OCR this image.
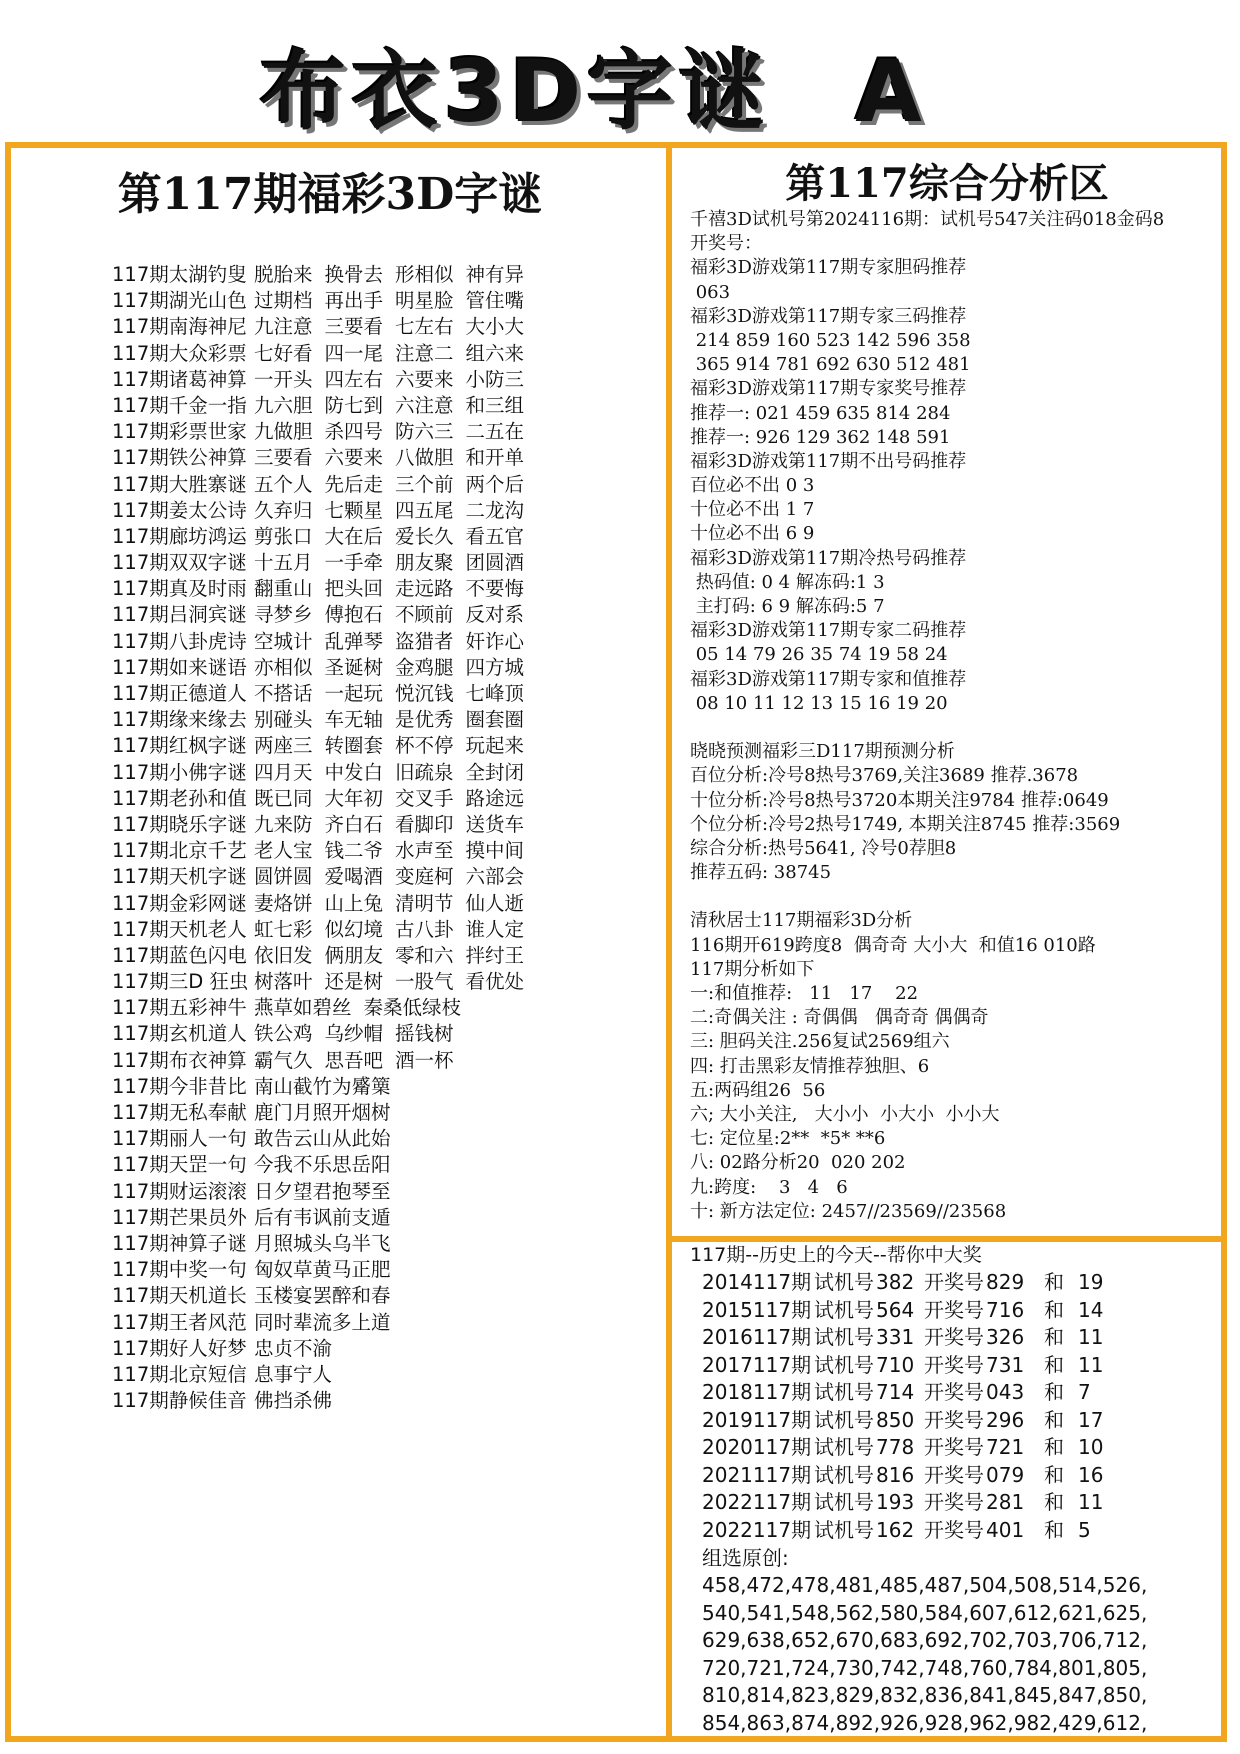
布衣3D字谜 A
第117期福彩3D字谜
117期太湖钓叟 脱胎来 换骨去 形相似 神有异
117期湖光山色 过期档 再出手 明星脸 管住嘴
117期南海神尼 九注意 三要看 七左右 大小大
117期大众彩票 七好看 四一尾 注意二 组六来
117期诸葛神算 一开头 四左右 六要来 小防三
117期千金一指 九六胆 防七到 六注意 和三组
117期彩票世家 九做胆 杀四号 防六三 二五在
117期铁公神算 三要看 六要来 八做胆 和开单
117期大胜寨谜 五个人 先后走 三个前 两个后
117期姜太公诗 久弃归 七颗星 四五尾 二龙沟
117期廊坊鸿运 剪张口 大在后 爱长久 看五官
117期双双字谜 十五月 一手牵 朋友聚 团圆酒
117期真及时雨 翻重山 把头回 走远路 不要悔
117期吕洞宾谜 寻梦乡 傅抱石 不顾前 反对系
117期八卦虎诗 空城计 乱弹琴 盗猎者 奸诈心
117期如来谜语 亦相似 圣诞树 金鸡腿 四方城
117期正德道人 不搭话 一起玩 悦沉钱 七峰顶
117期缘来缘去 别碰头 车无轴 是优秀 圈套圈
117期红枫字谜 两座三 转圈套 杯不停 玩起来
117期小佛字谜 四月天 中发白 旧疏泉 全封闭
117期老孙和值 既已同 大年初 交叉手 路途远
117期晓乐字谜 九来防 齐白石 看脚印 送货车
117期北京千艺 老人宝 钱二爷 水声至 摸中间
117期天机字谜 圆饼圆 爱喝酒 变庭柯 六部会
117期金彩网谜 妻烙饼 山上兔 清明节 仙人逝
117期天机老人 虹七彩 似幻境 古八卦 谁人定
117期蓝色闪电 依旧发 俩朋友 零和六 拌纣王
117期三D 狂虫 树落叶 还是树 一股气 看优处
117期五彩神牛 燕草如碧丝 秦桑低绿枝
117期玄机道人 铁公鸡 乌纱帽 摇钱树
117期布衣神算 霸气久 思吾吧 酒一杯
117期今非昔比 南山截竹为觱篥
117期无私奉献 鹿门月照开烟树
117期丽人一句 敢告云山从此始
117期天罡一句 今我不乐思岳阳
117期财运滚滚 日夕望君抱琴至
117期芒果员外 后有韦讽前支遁
117期神算子谜 月照城头乌半飞
117期中奖一句 匈奴草黄马正肥
117期天机道长 玉楼宴罢醉和春
117期王者风范 同时辈流多上道
117期好人好梦 忠贞不渝
117期北京短信 息事宁人
117期静候佳音 佛挡杀佛
第117综合分析区
千禧3D试机号第2024116期：试机号547关注码018金码8
开奖号：
福彩3D游戏第117期专家胆码推荐
063
福彩3D游戏第117期专家三码推荐
214 859 160 523 142 596 358
365 914 781 692 630 512 481
福彩3D游戏第117期专家奖号推荐
推荐一: 021 459 635 814 284
推荐一: 926 129 362 148 591
福彩3D游戏第117期不出号码推荐
百位必不出 0 3
十位必不出 1 7
十位必不出 6 9
福彩3D游戏第117期冷热号码推荐
热码值: 0 4 解冻码:1 3
主打码: 6 9 解冻码:5 7
福彩3D游戏第117期专家二码推荐
05 14 79 26 35 74 19 58 24
福彩3D游戏第117期专家和值推荐
08 10 11 12 13 15 16 19 20
晓晓预测福彩三D117期预测分析
百位分析:冷号8热号3769,关注3689 推荐.3678
十位分析:冷号8热号3720本期关注9784 推荐:0649
个位分析:冷号2热号1749, 本期关注8745 推荐:3569
综合分析:热号5641, 冷号0荐胆8
推荐五码: 38745
清秋居士117期福彩3D分析
116期开619跨度8  偶奇奇 大小大  和值16 010路
117期分析如下
一:和值推荐:   11   17    22
二:奇偶关注 : 奇偶偶   偶奇奇 偶偶奇
三: 胆码关注.256复试2569组六
四: 打击黑彩友情推荐独胆、6
五:两码组26  56
六; 大小关注,   大小小  小大小  小小大
七: 定位星:2**  *5* **6
八: 02路分析20  020 202
九:跨度:    3   4   6
十: 新方法定位: 2457//23569//23568
117期--历史上的今天--帮你中大奖
2014117期 试机号 382 开奖号 829 和 19
2015117期 试机号 564 开奖号 716 和 14
2016117期 试机号 331 开奖号 326 和 11
2017117期 试机号 710 开奖号 731 和 11
2018117期 试机号 714 开奖号 043 和 7
2019117期 试机号 850 开奖号 296 和 17
2020117期 试机号 778 开奖号 721 和 10
2021117期 试机号 816 开奖号 079 和 16
2022117期 试机号 193 开奖号 281 和 11
2022117期 试机号 162 开奖号 401 和 5
组选原创:
458,472,478,481,485,487,504,508,514,526,
540,541,548,562,580,584,607,612,621,625,
629,638,652,670,683,692,702,703,706,712,
720,721,724,730,742,748,760,784,801,805,
810,814,823,829,832,836,841,845,847,850,
854,863,874,892,926,928,962,982,429,612,
